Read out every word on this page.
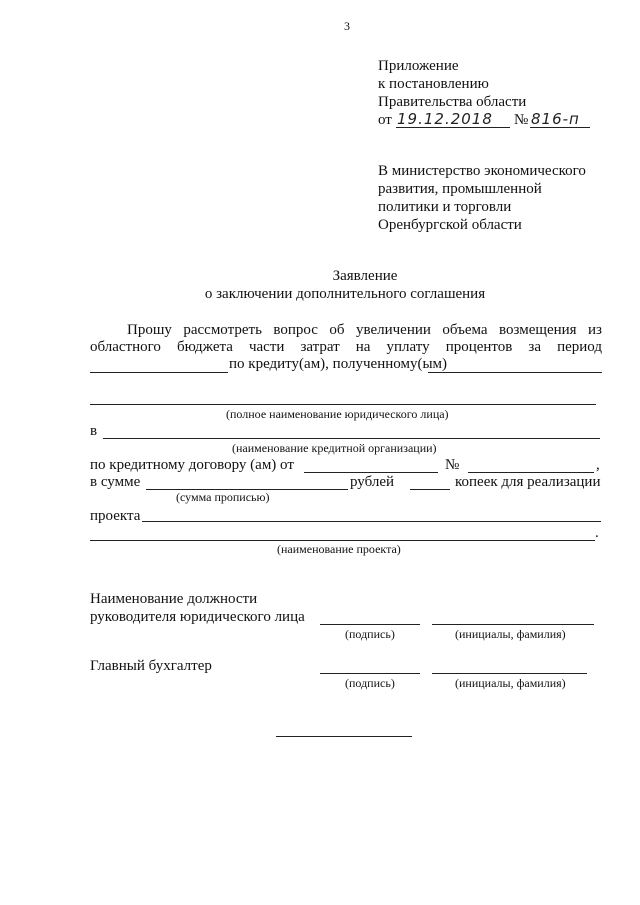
3
Приложение
к постановлению
Правительства области
от 19.12.2018 № 816-п
В министерство экономического
развития, промышленной
политики и торговли
Оренбургской области
Заявление
о заключении дополнительного соглашения
Прошу рассмотреть вопрос об увеличении объема возмещения из
областного бюджета части затрат на уплату процентов за период
по кредиту(ам), полученному(ым)
(полное наименование юридического лица)
в
(наименование кредитной организации)
по кредитному договору (ам) от	№	,
в сумме	рублей	копеек для реализации
(сумма прописью)
проекта
.
(наименование проекта)
Наименование должности
руководителя юридического лица
(подпись)	(инициалы, фамилия)
Главный бухгалтер
(подпись)	(инициалы, фамилия)
